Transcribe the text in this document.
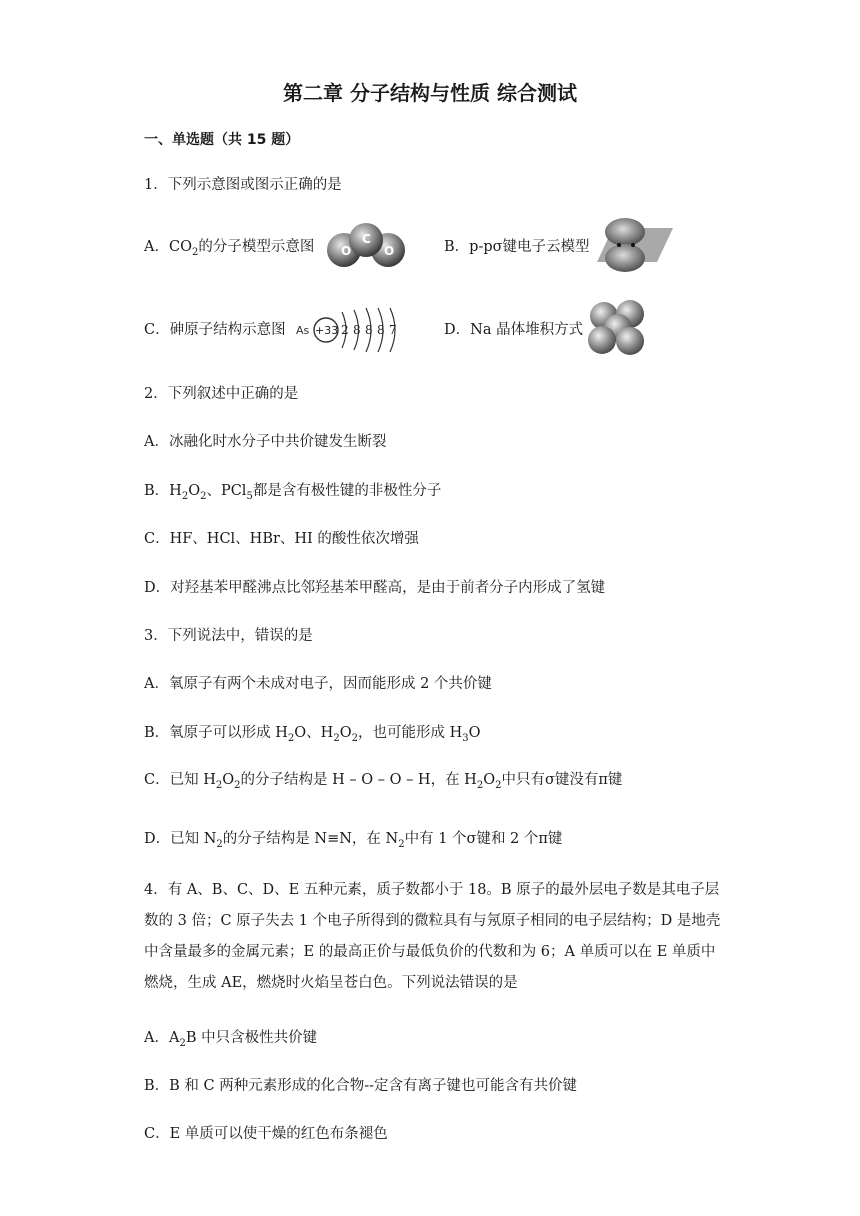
第二章 分子结构与性质 综合测试
一、单选题（共 15 题）
1．下列示意图或图示正确的是
A．$CO_2$的分子模型示意图 O
C
O	B．p-pσ键电子云模型
C．砷原子结构示意图 As +33 2 8 8 8 7	D．Na 晶体堆积方式
2．下列叙述中正确的是
A．冰融化时水分子中共价键发生断裂
B．$H_2O_2$、PCl$_5$都是含有极性键的非极性分子
C．HF、HCl、HBr、HI 的酸性依次增强
D．对羟基苯甲醛沸点比邻羟基苯甲醛高，是由于前者分子内形成了氢键
3．下列说法中，错误的是
A．氧原子有两个未成对电子，因而能形成 2 个共价键
B．氧原子可以形成 $H_2O$、$H_2O_2$，也可能形成 $H_3O$
C．已知 $H_2O_2$的分子结构是 H – O – O – H，在 $H_2O_2$中只有σ键没有π键
D．已知 $N_2$的分子结构是 N≡N，在 $N_2$中有 1 个σ键和 2 个π键
4．有 A、B、C、D、E 五种元素，质子数都小于 18。B 原子的最外层电子数是其电子层数的 3 倍；C 原子失去 1 个电子所得到的微粒具有与氖原子相同的电子层结构；D 是地壳中含量最多的金属元素；E 的最高正价与最低负价的代数和为 6；A 单质可以在 E 单质中燃烧，生成 AE，燃烧时火焰呈苍白色。下列说法错误的是
A．$A_2B$ 中只含极性共价键
B．B 和 C 两种元素形成的化合物--定含有离子键也可能含有共价键
C．E 单质可以使干燥的红色布条褪色
